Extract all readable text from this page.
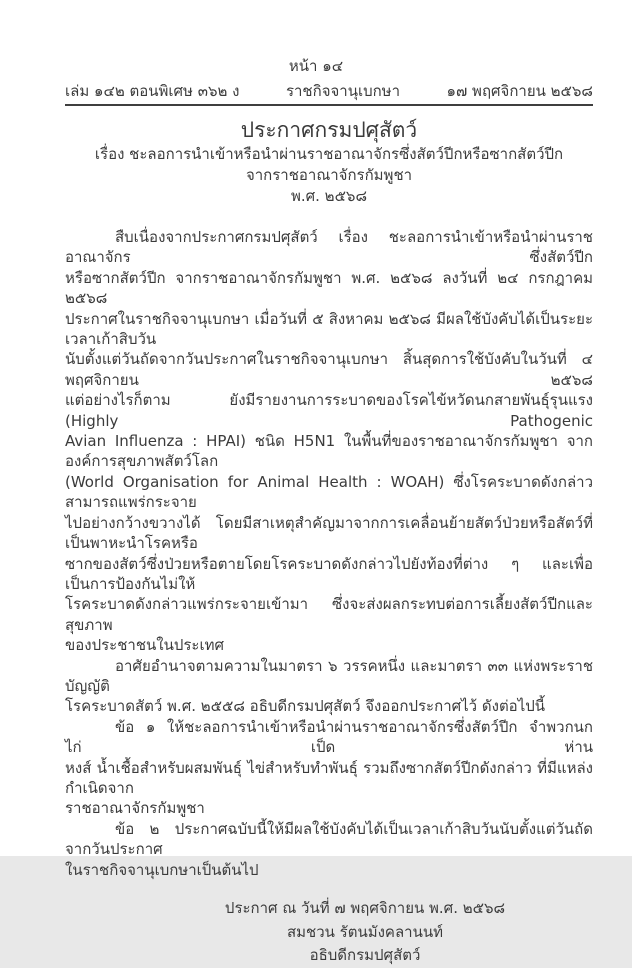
หน้า ๑๔
เล่ม ๑๔๒ ตอนพิเศษ ๓๖๒ ง	ราชกิจจานุเบกษา	๑๗ พฤศจิกายน ๒๕๖๘
ประกาศกรมปศุสัตว์
เรื่อง ชะลอการนำเข้าหรือนำผ่านราชอาณาจักรซึ่งสัตว์ปีกหรือซากสัตว์ปีก
จากราชอาณาจักรกัมพูชา
พ.ศ. ๒๕๖๘
สืบเนื่องจากประกาศกรมปศุสัตว์ เรื่อง ชะลอการนำเข้าหรือนำผ่านราชอาณาจักร ซึ่งสัตว์ปีก
หรือซากสัตว์ปีก จากราชอาณาจักรกัมพูชา พ.ศ. ๒๕๖๘ ลงวันที่ ๒๔ กรกฎาคม ๒๕๖๘
ประกาศในราชกิจจานุเบกษา เมื่อวันที่ ๕ สิงหาคม ๒๕๖๘ มีผลใช้บังคับได้เป็นระยะเวลาเก้าสิบวัน
นับตั้งแต่วันถัดจากวันประกาศในราชกิจจานุเบกษา สิ้นสุดการใช้บังคับในวันที่ ๔ พฤศจิกายน ๒๕๖๘
แต่อย่างไรก็ตาม ยังมีรายงานการระบาดของโรคไข้หวัดนกสายพันธุ์รุนแรง (Highly Pathogenic
Avian Influenza : HPAI) ชนิด H5N1 ในพื้นที่ของราชอาณาจักรกัมพูชา จากองค์การสุขภาพสัตว์โลก
(World Organisation for Animal Health : WOAH) ซึ่งโรคระบาดดังกล่าวสามารถแพร่กระจาย
ไปอย่างกว้างขวางได้ โดยมีสาเหตุสำคัญมาจากการเคลื่อนย้ายสัตว์ป่วยหรือสัตว์ที่เป็นพาหะนำโรคหรือ
ซากของสัตว์ซึ่งป่วยหรือตายโดยโรคระบาดดังกล่าวไปยังท้องที่ต่าง ๆ และเพื่อเป็นการป้องกันไม่ให้
โรคระบาดดังกล่าวแพร่กระจายเข้ามา ซึ่งจะส่งผลกระทบต่อการเลี้ยงสัตว์ปีกและสุขภาพ
ของประชาชนในประเทศ
อาศัยอำนาจตามความในมาตรา ๖ วรรคหนึ่ง และมาตรา ๓๓ แห่งพระราชบัญญัติ
โรคระบาดสัตว์ พ.ศ. ๒๕๕๘ อธิบดีกรมปศุสัตว์ จึงออกประกาศไว้ ดังต่อไปนี้
ข้อ ๑ ให้ชะลอการนำเข้าหรือนำผ่านราชอาณาจักรซึ่งสัตว์ปีก จำพวกนก ไก่ เป็ด ห่าน
หงส์ น้ำเชื้อสำหรับผสมพันธุ์ ไข่สำหรับทำพันธุ์ รวมถึงซากสัตว์ปีกดังกล่าว ที่มีแหล่งกำเนิดจาก
ราชอาณาจักรกัมพูชา
ข้อ ๒ ประกาศฉบับนี้ให้มีผลใช้บังคับได้เป็นเวลาเก้าสิบวันนับตั้งแต่วันถัดจากวันประกาศ
ในราชกิจจานุเบกษาเป็นต้นไป
ประกาศ ณ วันที่ ๗ พฤศจิกายน พ.ศ. ๒๕๖๘
สมชวน รัตนมังคลานนท์
อธิบดีกรมปศุสัตว์
